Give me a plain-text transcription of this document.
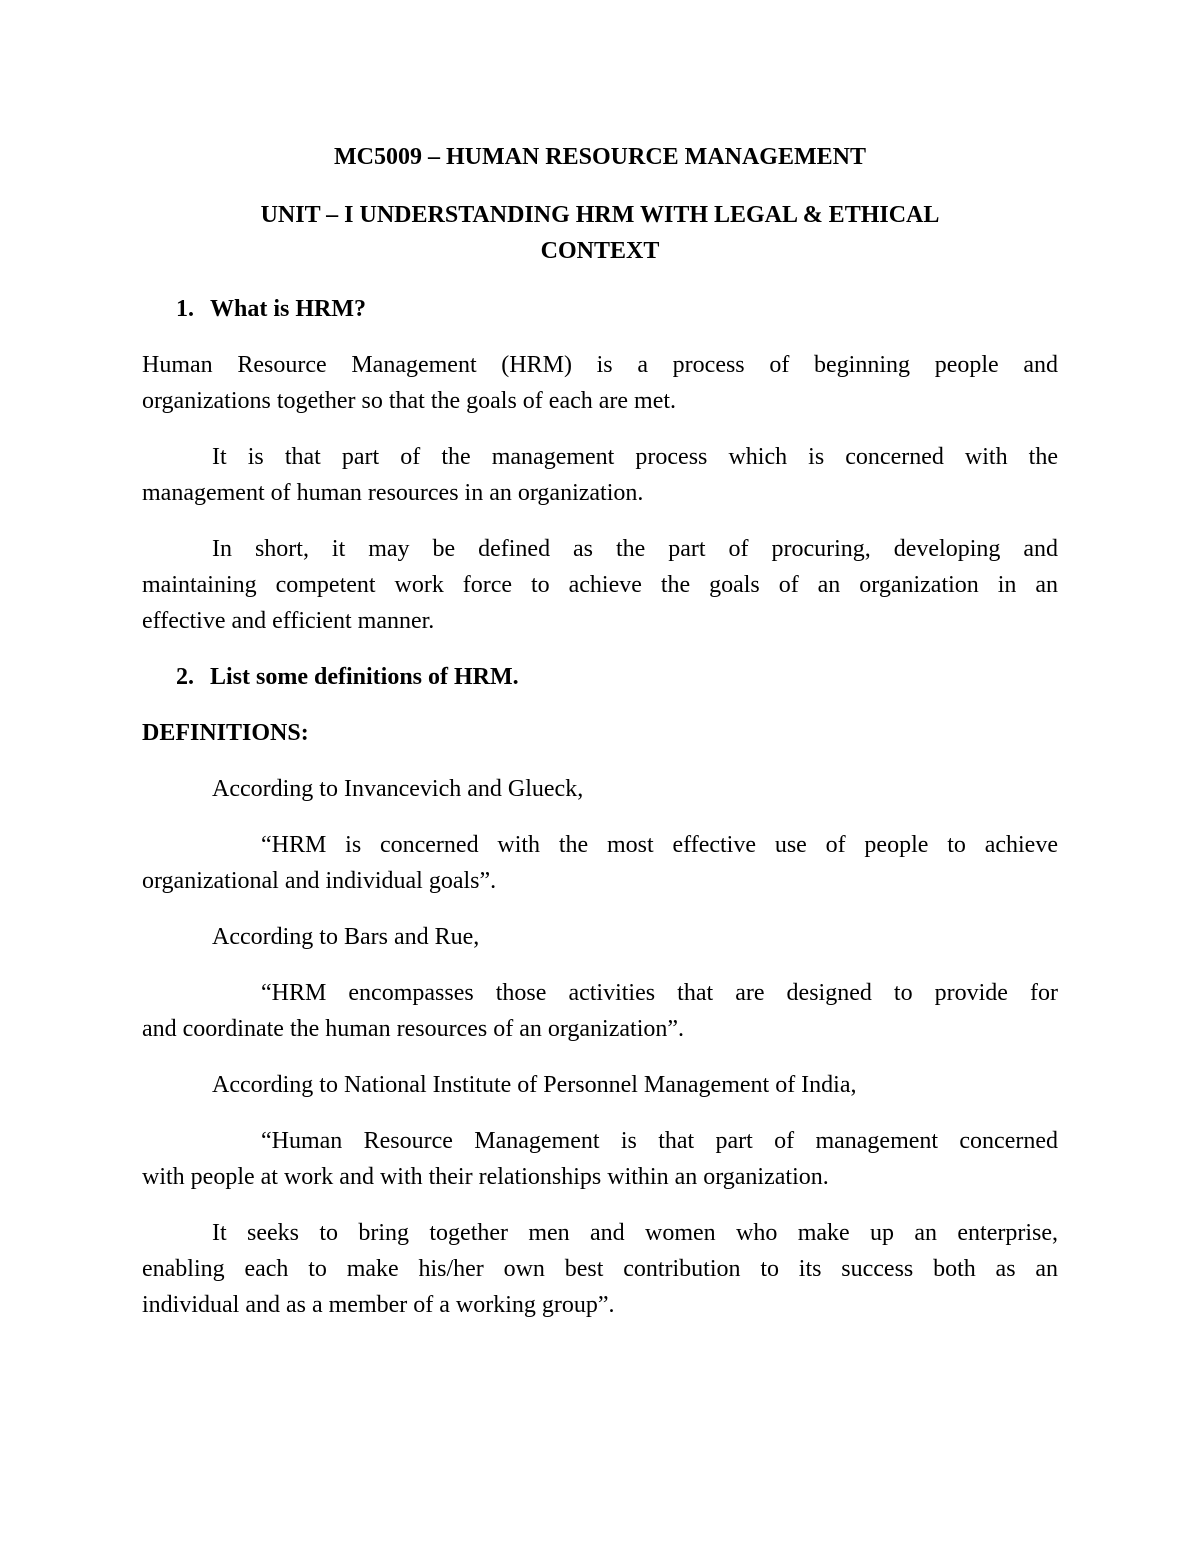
MC5009 – HUMAN RESOURCE MANAGEMENT
UNIT – I UNDERSTANDING HRM WITH LEGAL & ETHICAL
CONTEXT
1. What is HRM?
Human Resource Management (HRM) is a process of beginning people and
organizations together so that the goals of each are met.
It is that part of the management process which is concerned with the
management of human resources in an organization.
In short, it may be defined as the part of procuring, developing and
maintaining competent work force to achieve the goals of an organization in an
effective and efficient manner.
2. List some definitions of HRM.
DEFINITIONS:
According to Invancevich and Glueck,
“HRM is concerned with the most effective use of people to achieve
organizational and individual goals”.
According to Bars and Rue,
“HRM encompasses those activities that are designed to provide for
and coordinate the human resources of an organization”.
According to National Institute of Personnel Management of India,
“Human Resource Management is that part of management concerned
with people at work and with their relationships within an organization.
It seeks to bring together men and women who make up an enterprise,
enabling each to make his/her own best contribution to its success both as an
individual and as a member of a working group”.
